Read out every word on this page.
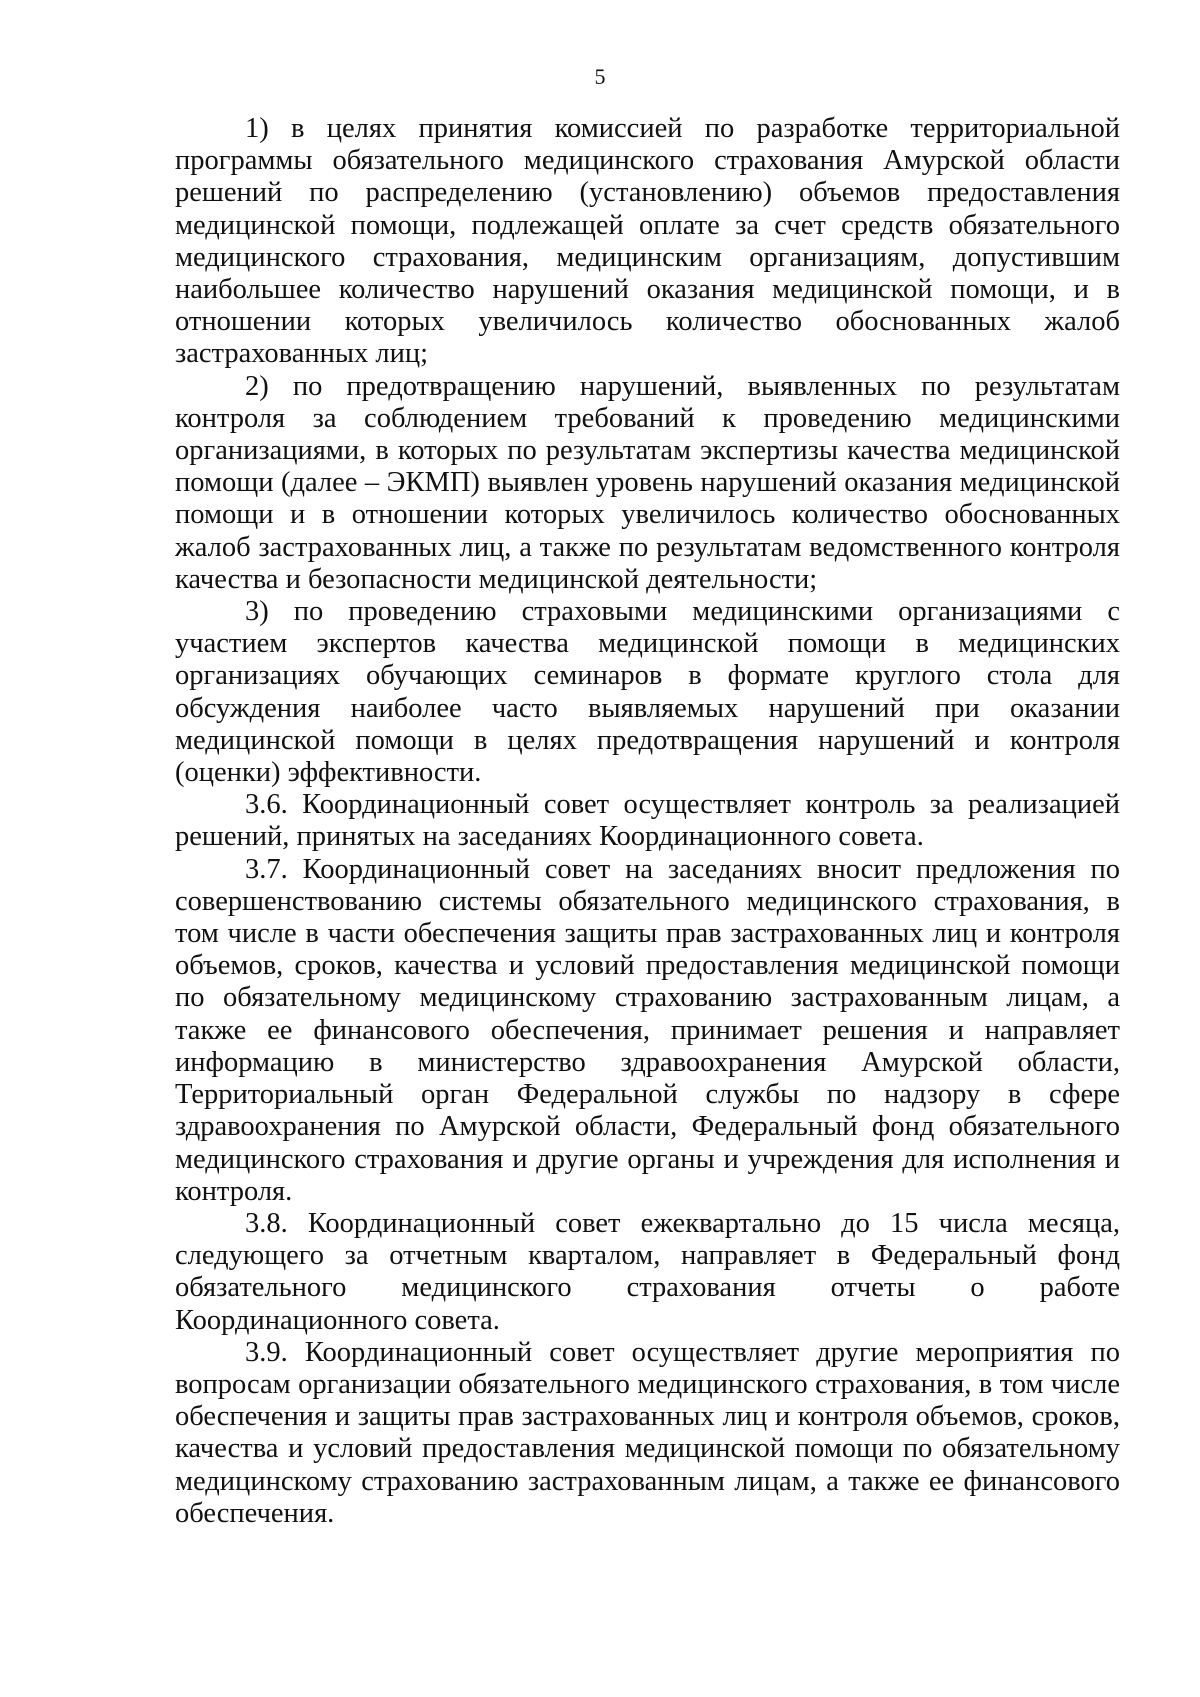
5

1) в целях принятия комиссией по разработке территориальной программы обязательного медицинского страхования Амурской области решений по распределению (установлению) объемов предоставления медицинской помощи, подлежащей оплате за счет средств обязательного медицинского страхования, медицинским организациям, допустившим наибольшее количество нарушений оказания медицинской помощи, и в отношении которых увеличилось количество обоснованных жалоб застрахованных лиц;

2) по предотвращению нарушений, выявленных по результатам контроля за соблюдением требований к проведению медицинскими организациями, в которых по результатам экспертизы качества медицинской помощи (далее – ЭКМП) выявлен уровень нарушений оказания медицинской помощи и в отношении которых увеличилось количество обоснованных жалоб застрахованных лиц, а также по результатам ведомственного контроля качества и безопасности медицинской деятельности;

3) по проведению страховыми медицинскими организациями с участием экспертов качества медицинской помощи в медицинских организациях обучающих семинаров в формате круглого стола для обсуждения наиболее часто выявляемых нарушений при оказании медицинской помощи в целях предотвращения нарушений и контроля (оценки) эффективности.

3.6. Координационный совет осуществляет контроль за реализацией решений, принятых на заседаниях Координационного совета.

3.7. Координационный совет на заседаниях вносит предложения по совершенствованию системы обязательного медицинского страхования, в том числе в части обеспечения защиты прав застрахованных лиц и контроля объемов, сроков, качества и условий предоставления медицинской помощи по обязательному медицинскому страхованию застрахованным лицам, а также ее финансового обеспечения, принимает решения и направляет информацию в министерство здравоохранения Амурской области, Территориальный орган Федеральной службы по надзору в сфере здравоохранения по Амурской области, Федеральный фонд обязательного медицинского страхования и другие органы и учреждения для исполнения и контроля.

3.8. Координационный совет ежеквартально до 15 числа месяца, следующего за отчетным кварталом, направляет в Федеральный фонд обязательного медицинского страхования отчеты о работе Координационного совета.

3.9. Координационный совет осуществляет другие мероприятия по вопросам организации обязательного медицинского страхования, в том числе обеспечения и защиты прав застрахованных лиц и контроля объемов, сроков, качества и условий предоставления медицинской помощи по обязательному медицинскому страхованию застрахованным лицам, а также ее финансового обеспечения.
